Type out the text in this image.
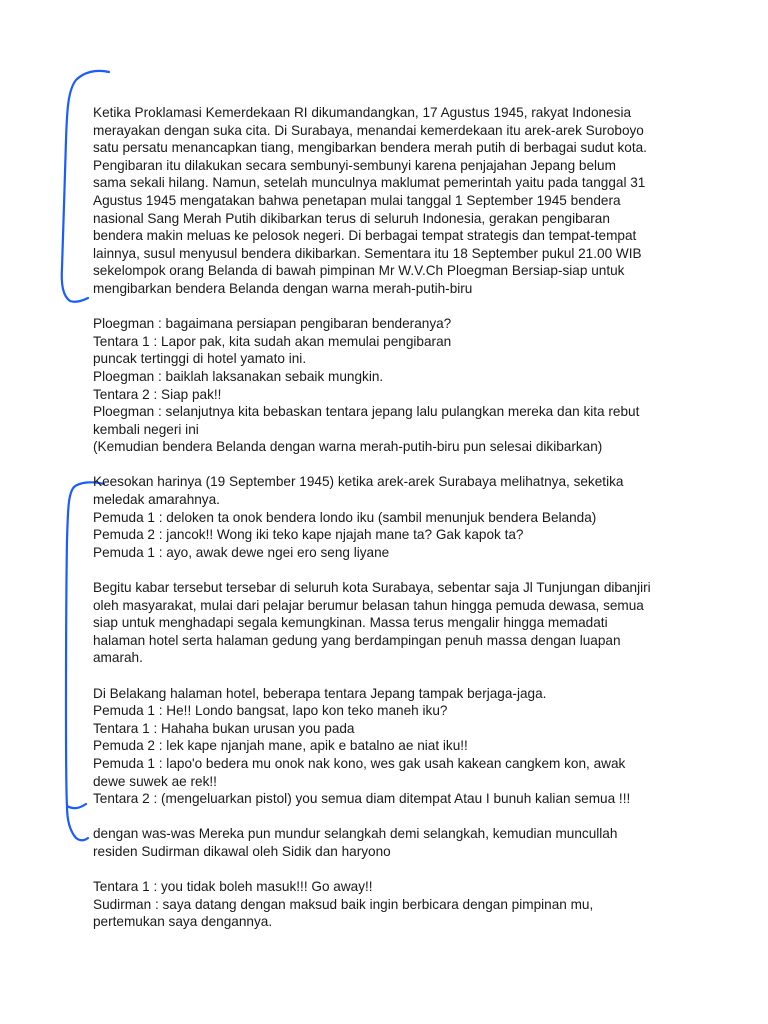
Ketika Proklamasi Kemerdekaan RI dikumandangkan, 17 Agustus 1945, rakyat Indonesia
merayakan dengan suka cita. Di Surabaya, menandai kemerdekaan itu arek-arek Suroboyo
satu persatu menancapkan tiang, mengibarkan bendera merah putih di berbagai sudut kota.
Pengibaran itu dilakukan secara sembunyi-sembunyi karena penjajahan Jepang belum
sama sekali hilang. Namun, setelah munculnya maklumat pemerintah yaitu pada tanggal 31
Agustus 1945 mengatakan bahwa penetapan mulai tanggal 1 September 1945 bendera
nasional Sang Merah Putih dikibarkan terus di seluruh Indonesia, gerakan pengibaran
bendera makin meluas ke pelosok negeri. Di berbagai tempat strategis dan tempat-tempat
lainnya, susul menyusul bendera dikibarkan. Sementara itu 18 September pukul 21.00 WIB
sekelompok orang Belanda di bawah pimpinan Mr W.V.Ch Ploegman Bersiap-siap untuk
mengibarkan bendera Belanda dengan warna merah-putih-biru
Ploegman : bagaimana persiapan pengibaran benderanya?
Tentara 1 : Lapor pak, kita sudah akan memulai pengibaran
puncak tertinggi di hotel yamato ini.
Ploegman : baiklah laksanakan sebaik mungkin.
Tentara 2 : Siap pak!!
Ploegman : selanjutnya kita bebaskan tentara jepang lalu pulangkan mereka dan kita rebut
kembali negeri ini
(Kemudian bendera Belanda dengan warna merah-putih-biru pun selesai dikibarkan)
Keesokan harinya (19 September 1945) ketika arek-arek Surabaya melihatnya, seketika
meledak amarahnya.
Pemuda 1 : deloken ta onok bendera londo iku (sambil menunjuk bendera Belanda)
Pemuda 2 : jancok!! Wong iki teko kape njajah mane ta? Gak kapok ta?
Pemuda 1 : ayo, awak dewe ngei ero seng liyane
Begitu kabar tersebut tersebar di seluruh kota Surabaya, sebentar saja Jl Tunjungan dibanjiri
oleh masyarakat, mulai dari pelajar berumur belasan tahun hingga pemuda dewasa, semua
siap untuk menghadapi segala kemungkinan. Massa terus mengalir hingga memadati
halaman hotel serta halaman gedung yang berdampingan penuh massa dengan luapan
amarah.
Di Belakang halaman hotel, beberapa tentara Jepang tampak berjaga-jaga.
Pemuda 1 : He!! Londo bangsat, lapo kon teko maneh iku?
Tentara 1 : Hahaha bukan urusan you pada
Pemuda 2 : lek kape njanjah mane, apik e batalno ae niat iku!!
Pemuda 1 : lapo'o bedera mu onok nak kono, wes gak usah kakean cangkem kon, awak
dewe suwek ae rek!!
Tentara 2 : (mengeluarkan pistol) you semua diam ditempat Atau I bunuh kalian semua !!!
dengan was-was Mereka pun mundur selangkah demi selangkah, kemudian muncullah
residen Sudirman dikawal oleh Sidik dan haryono
Tentara 1 : you tidak boleh masuk!!! Go away!!
Sudirman : saya datang dengan maksud baik ingin berbicara dengan pimpinan mu,
pertemukan saya dengannya.
